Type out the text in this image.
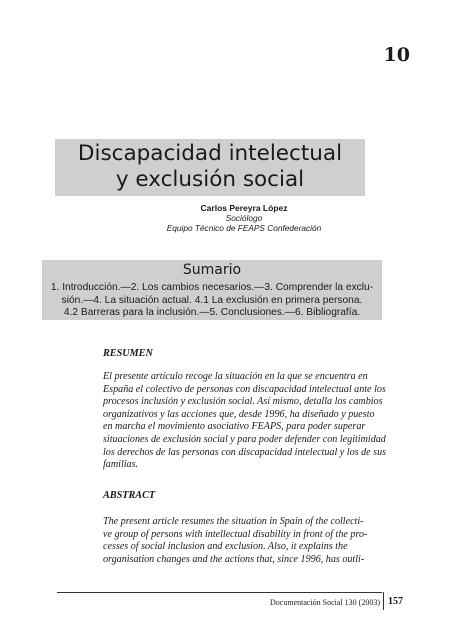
10
Discapacidad intelectual
y exclusión social
Carlos Pereyra López
Sociólogo
Equipo Técnico de FEAPS Confederación
Sumario
1. Introducción.—2. Los cambios necesarios.—3. Comprender la exclu-
sión.—4. La situación actual. 4.1 La exclusión en primera persona.
4.2 Barreras para la inclusión.—5. Conclusiones.—6. Bibliografía.
RESUMEN
El presente artículo recoge la situación en la que se encuentra en
España el colectivo de personas con discapacidad intelectual ante los
procesos inclusión y exclusión social. Así mismo, detalla los cambios
organizativos y las acciones que, desde 1996, ha diseñado y puesto
en marcha el movimiento asociativo FEAPS, para poder superar
situaciones de exclusión social y para poder defender con legitimidad
los derechos de las personas con discapacidad intelectual y los de sus
familias.
ABSTRACT
The present article resumes the situation in Spain of the collecti-
ve group of persons with intellectual disability in front of the pro-
cesses of social inclusion and exclusion. Also, it explains the
organisation changes and the actions that, since 1996, has outli-
Documentación Social 130 (2003) 157
